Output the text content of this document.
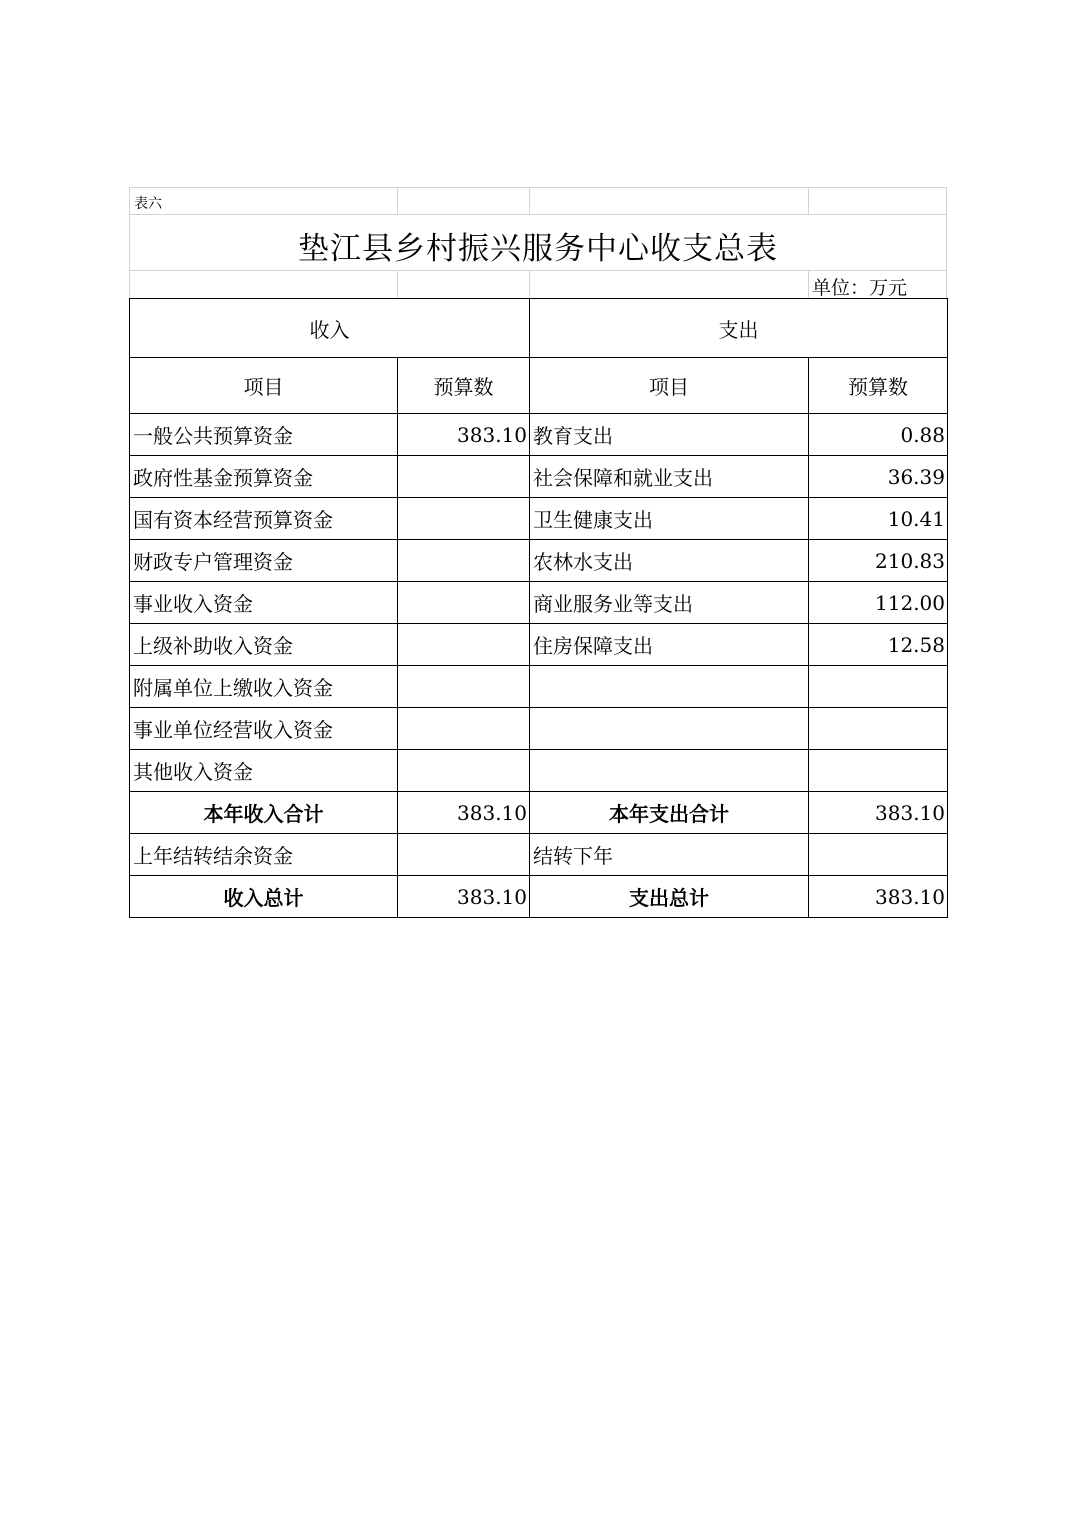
表六
垫江县乡村振兴服务中心收支总表
单位：万元
收入		支出	
项目	预算数	项目	预算数
一般公共预算资金	383.10	教育支出	0.88
政府性基金预算资金		社会保障和就业支出	36.39
国有资本经营预算资金		卫生健康支出	10.41
财政专户管理资金		农林水支出	210.83
事业收入资金		商业服务业等支出	112.00
上级补助收入资金		住房保障支出	12.58
附属单位上缴收入资金			
事业单位经营收入资金			
其他收入资金			
本年收入合计	383.10	本年支出合计	383.10
上年结转结余资金		结转下年	
收入总计	383.10	支出总计	383.10
